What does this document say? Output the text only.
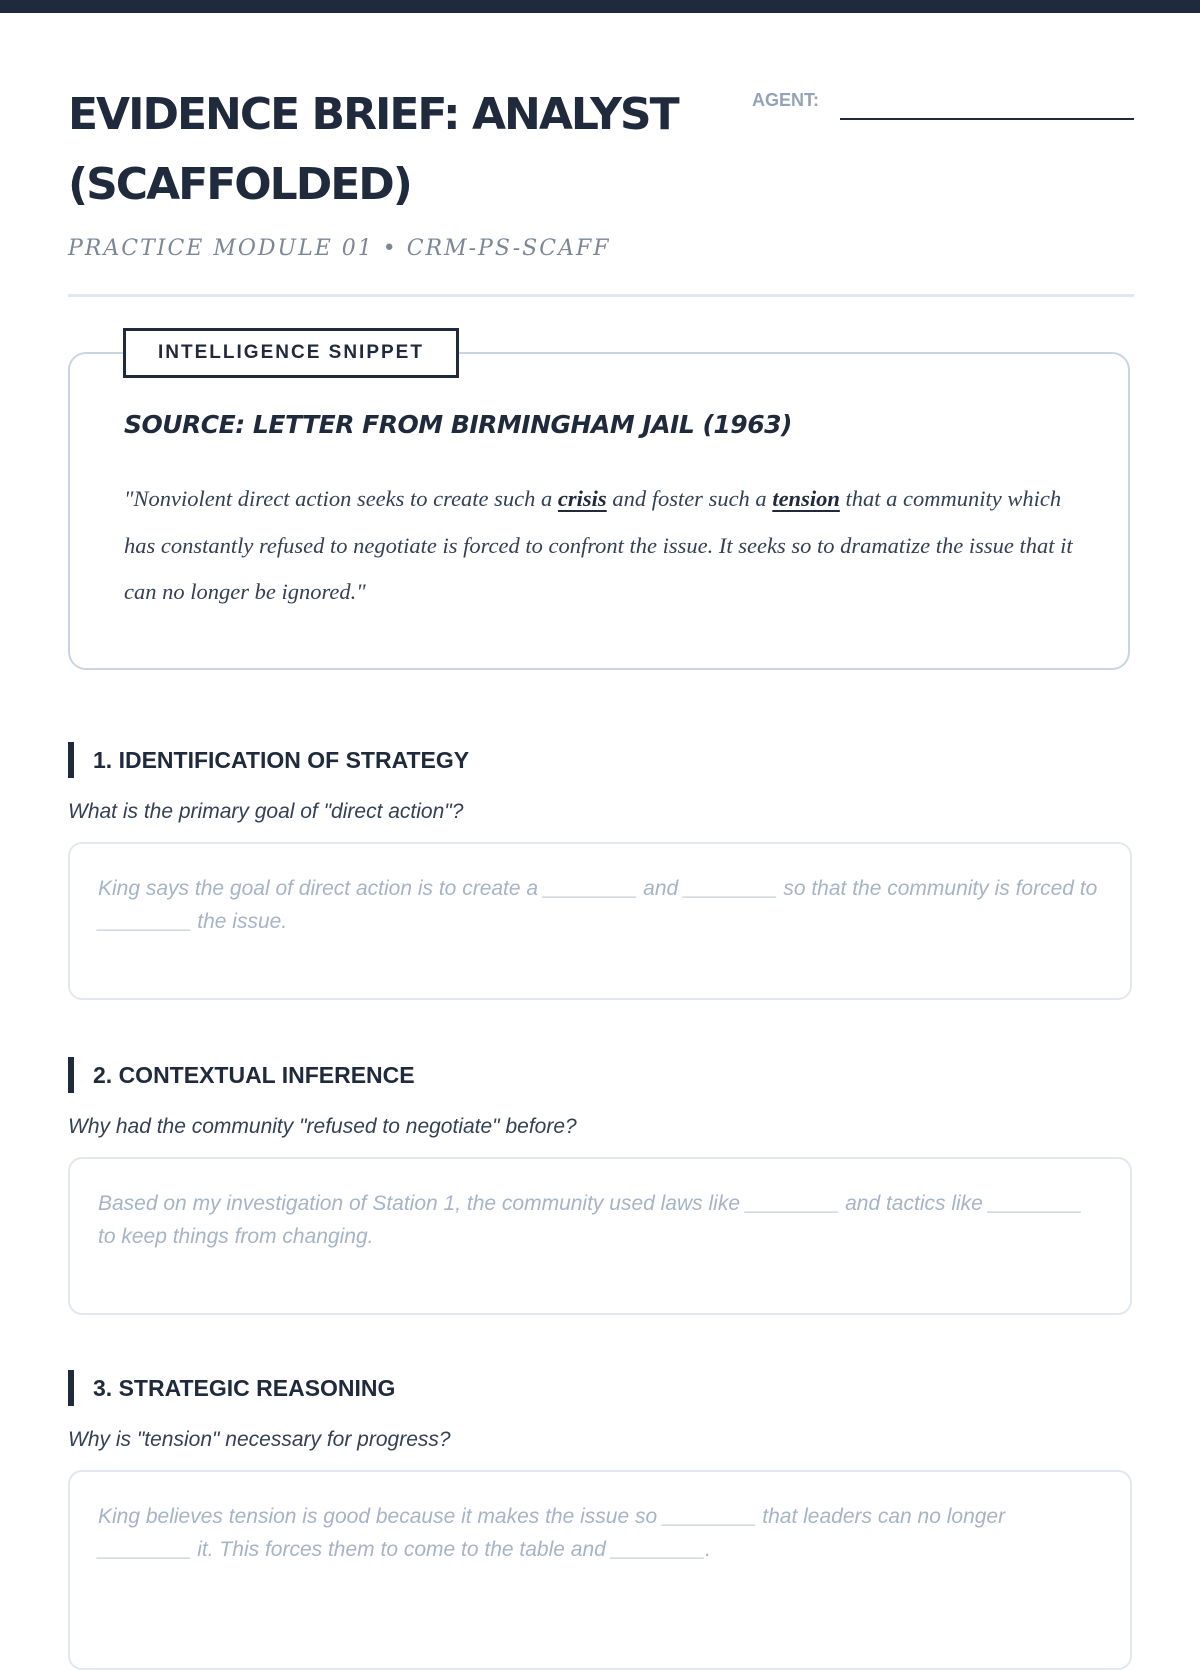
EVIDENCE BRIEF: ANALYST (SCAFFOLDED)
AGENT:
PRACTICE MODULE 01 • CRM-PS-SCAFF
INTELLIGENCE SNIPPET
SOURCE: LETTER FROM BIRMINGHAM JAIL (1963)

"Nonviolent direct action seeks to create such a crisis and foster such a tension that a community which has constantly refused to negotiate is forced to confront the issue. It seeks so to dramatize the issue that it can no longer be ignored."

1. IDENTIFICATION OF STRATEGY
What is the primary goal of "direct action"?
King says the goal of direct action is to create a ________ and ________ so that the community is forced to ________ the issue.
2. CONTEXTUAL INFERENCE
Why had the community "refused to negotiate" before?
Based on my investigation of Station 1, the community used laws like ________ and tactics like ________ to keep things from changing.
3. STRATEGIC REASONING
Why is "tension" necessary for progress?
King believes tension is good because it makes the issue so ________ that leaders can no longer ________ it. This forces them to come to the table and ________.
